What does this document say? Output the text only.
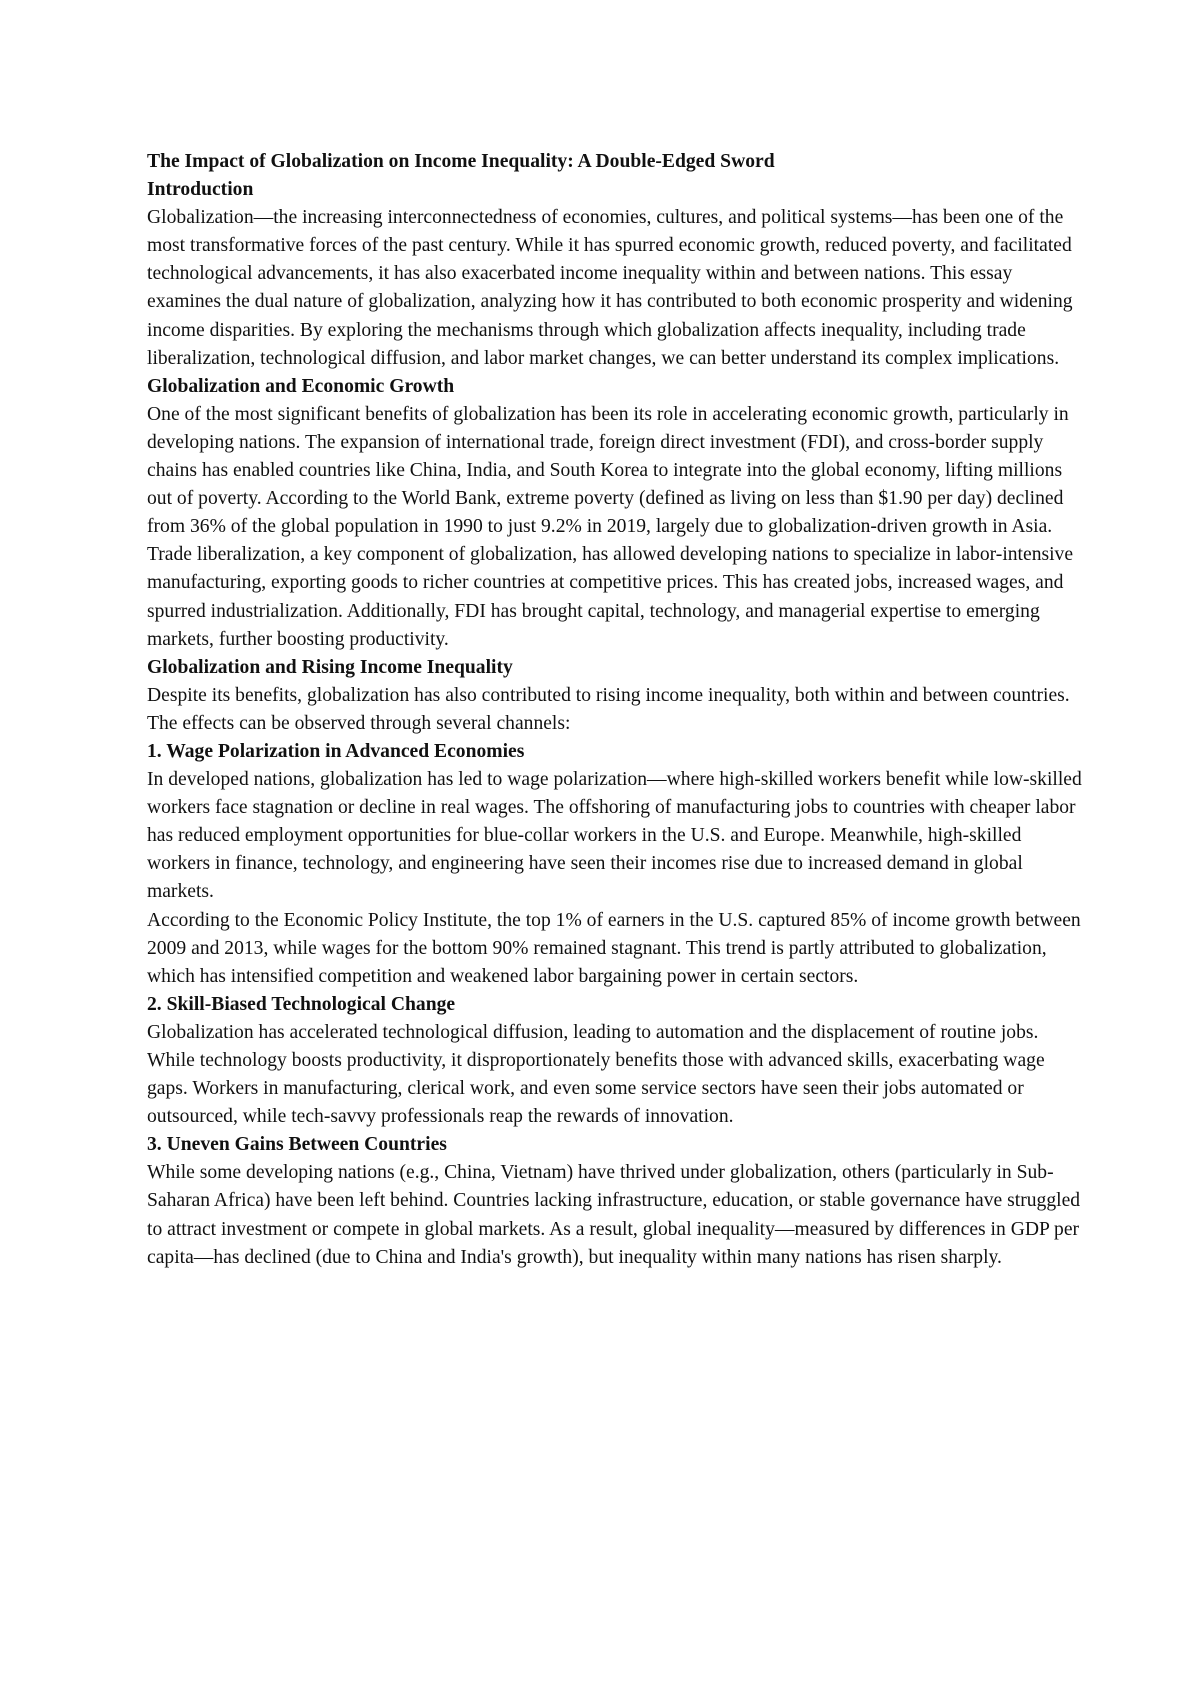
The Impact of Globalization on Income Inequality: A Double-Edged Sword
Introduction

Globalization—the increasing interconnectedness of economies, cultures, and political systems—has been one of the most transformative forces of the past century. While it has spurred economic growth, reduced poverty, and facilitated technological advancements, it has also exacerbated income inequality within and between nations. This essay examines the dual nature of globalization, analyzing how it has contributed to both economic prosperity and widening income disparities. By exploring the mechanisms through which globalization affects inequality, including trade liberalization, technological diffusion, and labor market changes, we can better understand its complex implications.

Globalization and Economic Growth

One of the most significant benefits of globalization has been its role in accelerating economic growth, particularly in developing nations. The expansion of international trade, foreign direct investment (FDI), and cross-border supply chains has enabled countries like China, India, and South Korea to integrate into the global economy, lifting millions out of poverty. According to the World Bank, extreme poverty (defined as living on less than $1.90 per day) declined from 36% of the global population in 1990 to just 9.2% in 2019, largely due to globalization-driven growth in Asia.

Trade liberalization, a key component of globalization, has allowed developing nations to specialize in labor-intensive manufacturing, exporting goods to richer countries at competitive prices. This has created jobs, increased wages, and spurred industrialization. Additionally, FDI has brought capital, technology, and managerial expertise to emerging markets, further boosting productivity.

Globalization and Rising Income Inequality

Despite its benefits, globalization has also contributed to rising income inequality, both within and between countries. The effects can be observed through several channels:

1. Wage Polarization in Advanced Economies

In developed nations, globalization has led to wage polarization—where high-skilled workers benefit while low-skilled workers face stagnation or decline in real wages. The offshoring of manufacturing jobs to countries with cheaper labor has reduced employment opportunities for blue-collar workers in the U.S. and Europe. Meanwhile, high-skilled workers in finance, technology, and engineering have seen their incomes rise due to increased demand in global markets.

According to the Economic Policy Institute, the top 1% of earners in the U.S. captured 85% of income growth between 2009 and 2013, while wages for the bottom 90% remained stagnant. This trend is partly attributed to globalization, which has intensified competition and weakened labor bargaining power in certain sectors.

2. Skill-Biased Technological Change

Globalization has accelerated technological diffusion, leading to automation and the displacement of routine jobs. While technology boosts productivity, it disproportionately benefits those with advanced skills, exacerbating wage gaps. Workers in manufacturing, clerical work, and even some service sectors have seen their jobs automated or outsourced, while tech-savvy professionals reap the rewards of innovation.

3. Uneven Gains Between Countries

While some developing nations (e.g., China, Vietnam) have thrived under globalization, others (particularly in Sub-Saharan Africa) have been left behind. Countries lacking infrastructure, education, or stable governance have struggled to attract investment or compete in global markets. As a result, global inequality—measured by differences in GDP per capita—has declined (due to China and India's growth), but inequality within many nations has risen sharply.
